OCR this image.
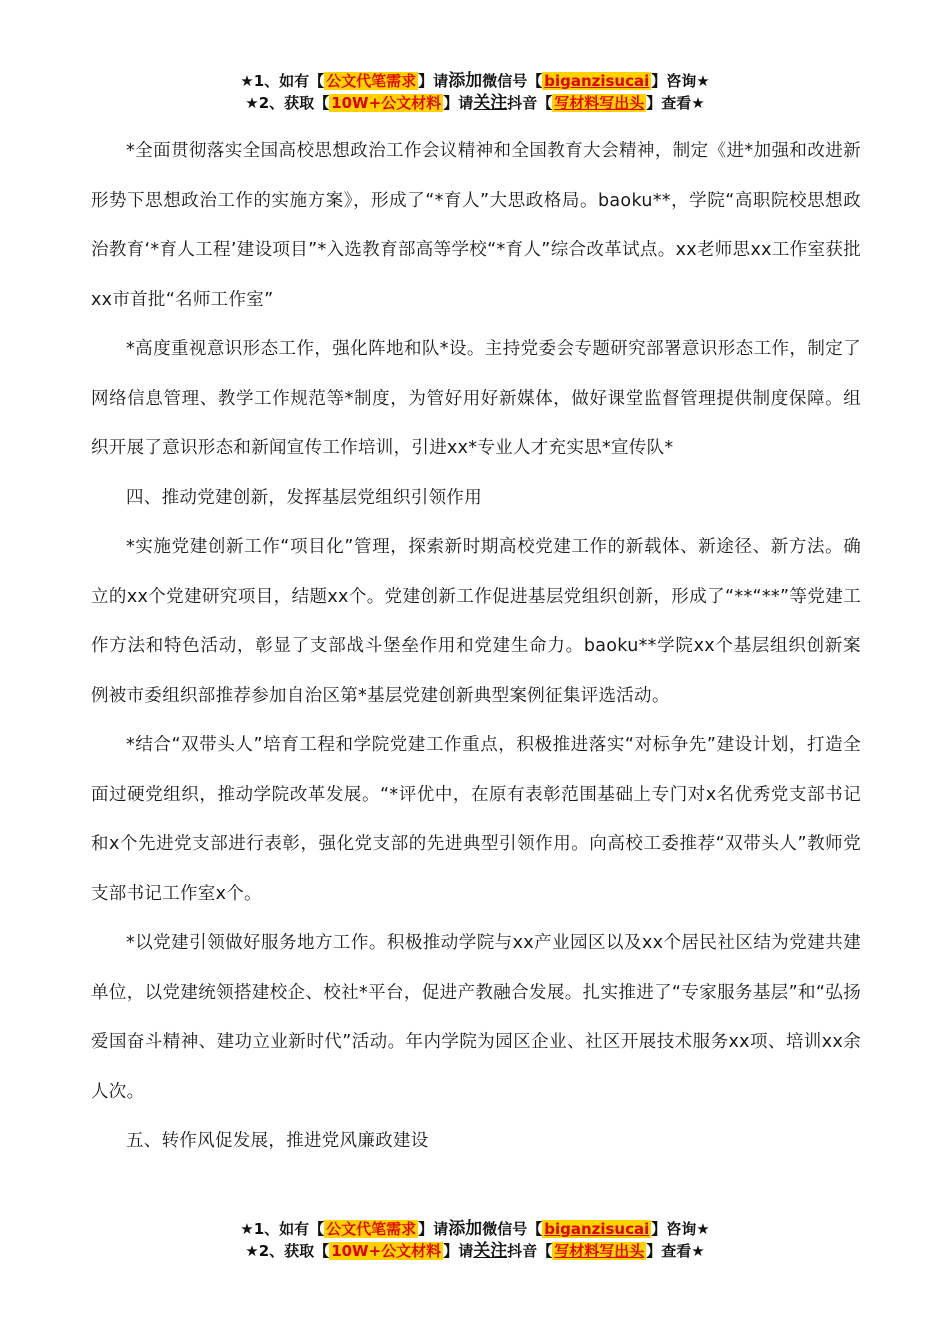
★1、如有【 公文代笔需求 】请添加微信号【 biganzisucai 】咨询★
★2、获取【 10W+公文材料 】请关注抖音【 写材料写出头 】查看★

*全面贯彻落实全国高校思想政治工作会议精神和全国教育大会精神，制定《进*加强和改进新形势下思想政治工作的实施方案》，形成了“*育人”大思政格局。baoku**，学院“高职院校思想政治教育‘*育人工程’建设项目”*入选教育部高等学校“*育人”综合改革试点。xx老师思xx工作室获批xx市首批“名师工作室”

*高度重视意识形态工作，强化阵地和队*设。主持党委会专题研究部署意识形态工作，制定了网络信息管理、教学工作规范等*制度，为管好用好新媒体，做好课堂监督管理提供制度保障。组织开展了意识形态和新闻宣传工作培训，引进xx*专业人才充实思*宣传队*

四、推动党建创新，发挥基层党组织引领作用

*实施党建创新工作“项目化”管理，探索新时期高校党建工作的新载体、新途径、新方法。确立的xx个党建研究项目，结题xx个。党建创新工作促进基层党组织创新，形成了“**“**”等党建工作方法和特色活动，彰显了支部战斗堡垒作用和党建生命力。baoku**学院xx个基层组织创新案例被市委组织部推荐参加自治区第*基层党建创新典型案例征集评选活动。

*结合“双带头人”培育工程和学院党建工作重点，积极推进落实“对标争先”建设计划，打造全面过硬党组织，推动学院改革发展。“*评优中，在原有表彰范围基础上专门对x名优秀党支部书记和x个先进党支部进行表彰，强化党支部的先进典型引领作用。向高校工委推荐“双带头人”教师党支部书记工作室x个。

*以党建引领做好服务地方工作。积极推动学院与xx产业园区以及xx个居民社区结为党建共建单位，以党建统领搭建校企、校社*平台，促进产教融合发展。扎实推进了“专家服务基层”和“弘扬爱国奋斗精神、建功立业新时代”活动。年内学院为园区企业、社区开展技术服务xx项、培训xx余人次。

五、转作风促发展，推进党风廉政建设

★1、如有【 公文代笔需求 】请添加微信号【 biganzisucai 】咨询★
★2、获取【 10W+公文材料 】请关注抖音【 写材料写出头 】查看★
